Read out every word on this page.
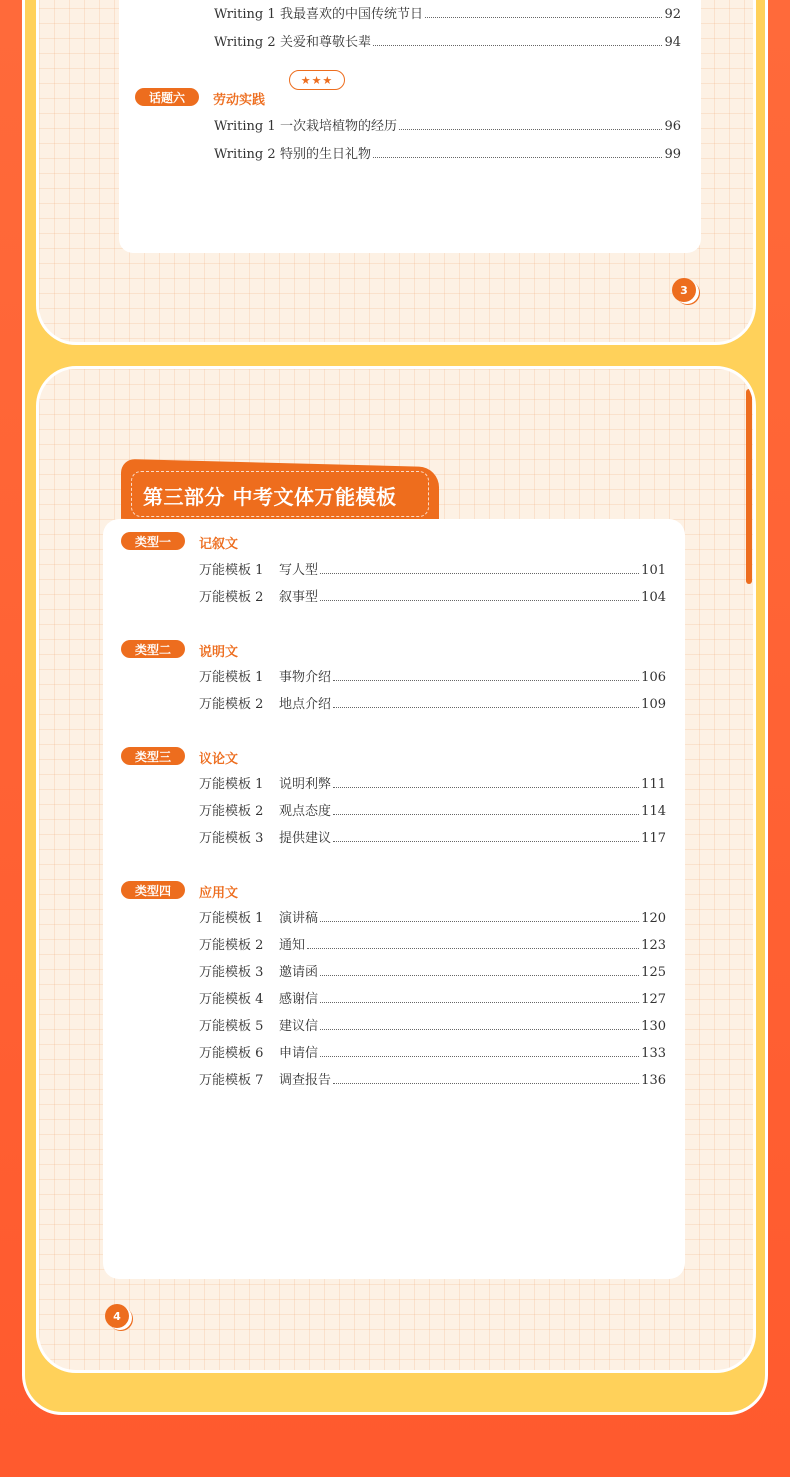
Writing 1 我最喜欢的中国传统节日	92
Writing 2 关爱和尊敬长辈	94
话题六	劳动实践
★★★
Writing 1 一次栽培植物的经历	96
Writing 2 特别的生日礼物	99
3
第三部分 中考文体万能模板
类型一	记叙文
万能模板 1	写人型	101
万能模板 2	叙事型	104
类型二	说明文
万能模板 1	事物介绍	106
万能模板 2	地点介绍	109
类型三	议论文
万能模板 1	说明利弊	111
万能模板 2	观点态度	114
万能模板 3	提供建议	117
类型四	应用文
万能模板 1	演讲稿	120
万能模板 2	通知	123
万能模板 3	邀请函	125
万能模板 4	感谢信	127
万能模板 5	建议信	130
万能模板 6	申请信	133
万能模板 7	调查报告	136
4
